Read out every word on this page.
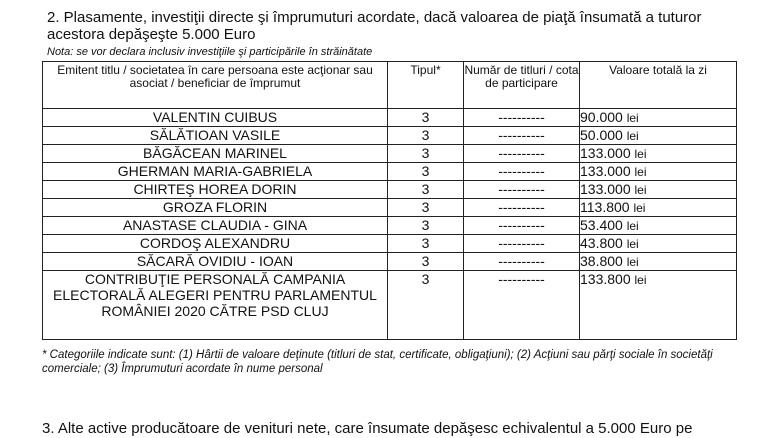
2. Plasamente, investiţii directe şi împrumuturi acordate, dacă valoarea de piaţă însumată a tuturor acestora depăşeşte 5.000 Euro
Nota: se vor declara inclusiv investiţiile şi participările în străinătate
Emitent titlu / societatea în care persoana este acţionar sau asociat / beneficiar de împrumut	Tipul*	Număr de titluri / cota de participare	Valoare totală la zi
VALENTIN CUIBUS	3	----------	90.000 lei
SĂLĂTIOAN VASILE	3	----------	50.000 lei
BĂGĂCEAN MARINEL	3	----------	133.000 lei
GHERMAN MARIA-GABRIELA	3	----------	133.000 lei
CHIRTEŞ HOREA DORIN	3	----------	133.000 lei
GROZA FLORIN	3	----------	113.800 lei
ANASTASE CLAUDIA - GINA	3	----------	53.400 lei
CORDOŞ ALEXANDRU	3	----------	43.800 lei
SĂCARĂ OVIDIU - IOAN	3	----------	38.800 lei
CONTRIBUŢIE PERSONALĂ CAMPANIA ELECTORALĂ ALEGERI PENTRU PARLAMENTUL ROMÂNIEI 2020 CĂTRE PSD CLUJ	3	----------	133.800 lei
* Categoriile indicate sunt: (1) Hârtii de valoare deţinute (titluri de stat, certificate, obligaţiuni); (2) Acţiuni sau părţi sociale în societăţi comerciale; (3) Împrumuturi acordate în nume personal
3. Alte active producătoare de venituri nete, care însumate depăşesc echivalentul a 5.000 Euro pe
